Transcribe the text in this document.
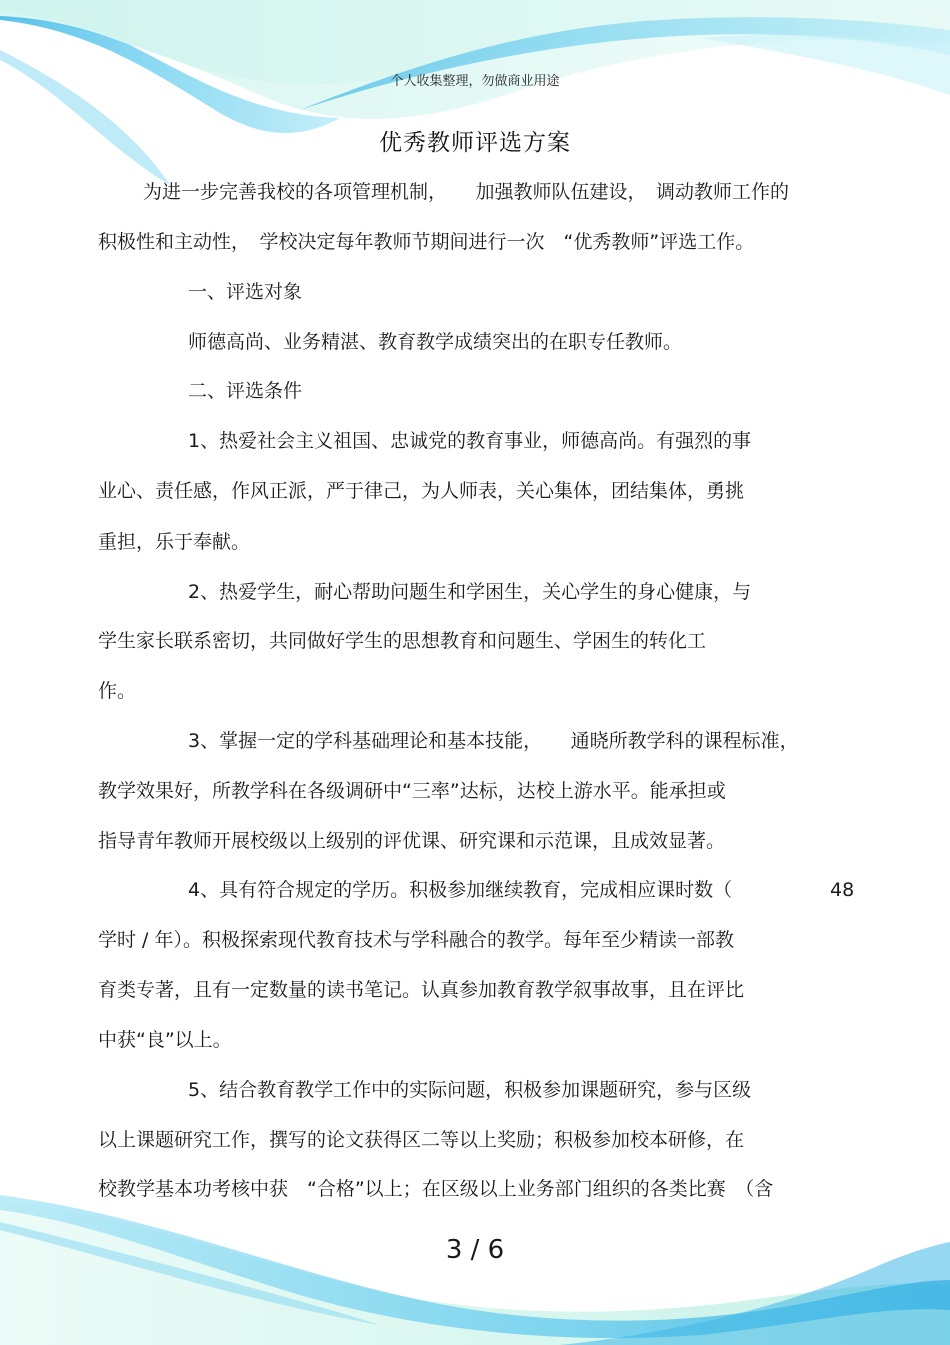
个人收集整理，勿做商业用途
优秀教师评选方案
为进一步完善我校的各项管理机制，　　加强教师队伍建设，　调动教师工作的
积极性和主动性，　学校决定每年教师节期间进行一次　“优秀教师”评选工作。
一、评选对象
师德高尚、业务精湛、教育教学成绩突出的在职专任教师。
二、评选条件
1、热爱社会主义祖国、忠诚党的教育事业，师德高尚。有强烈的事
业心、责任感，作风正派，严于律己，为人师表，关心集体，团结集体，勇挑
重担，乐于奉献。
2、热爱学生，耐心帮助问题生和学困生，关心学生的身心健康，与
学生家长联系密切，共同做好学生的思想教育和问题生、学困生的转化工
作。
3、掌握一定的学科基础理论和基本技能，　　通晓所教学科的课程标准，
教学效果好，所教学科在各级调研中“三率”达标，达校上游水平。能承担或
指导青年教师开展校级以上级别的评优课、研究课和示范课，且成效显著。
4、具有符合规定的学历。积极参加继续教育，完成相应课时数（	48
学时 / 年）。积极探索现代教育技术与学科融合的教学。每年至少精读一部教
育类专著，且有一定数量的读书笔记。认真参加教育教学叙事故事，且在评比
中获“良”以上。
5、结合教育教学工作中的实际问题，积极参加课题研究，参与区级
以上课题研究工作，撰写的论文获得区二等以上奖励；积极参加校本研修，在
校教学基本功考核中获　“合格”以上；在区级以上业务部门组织的各类比赛　（含
3 / 6
